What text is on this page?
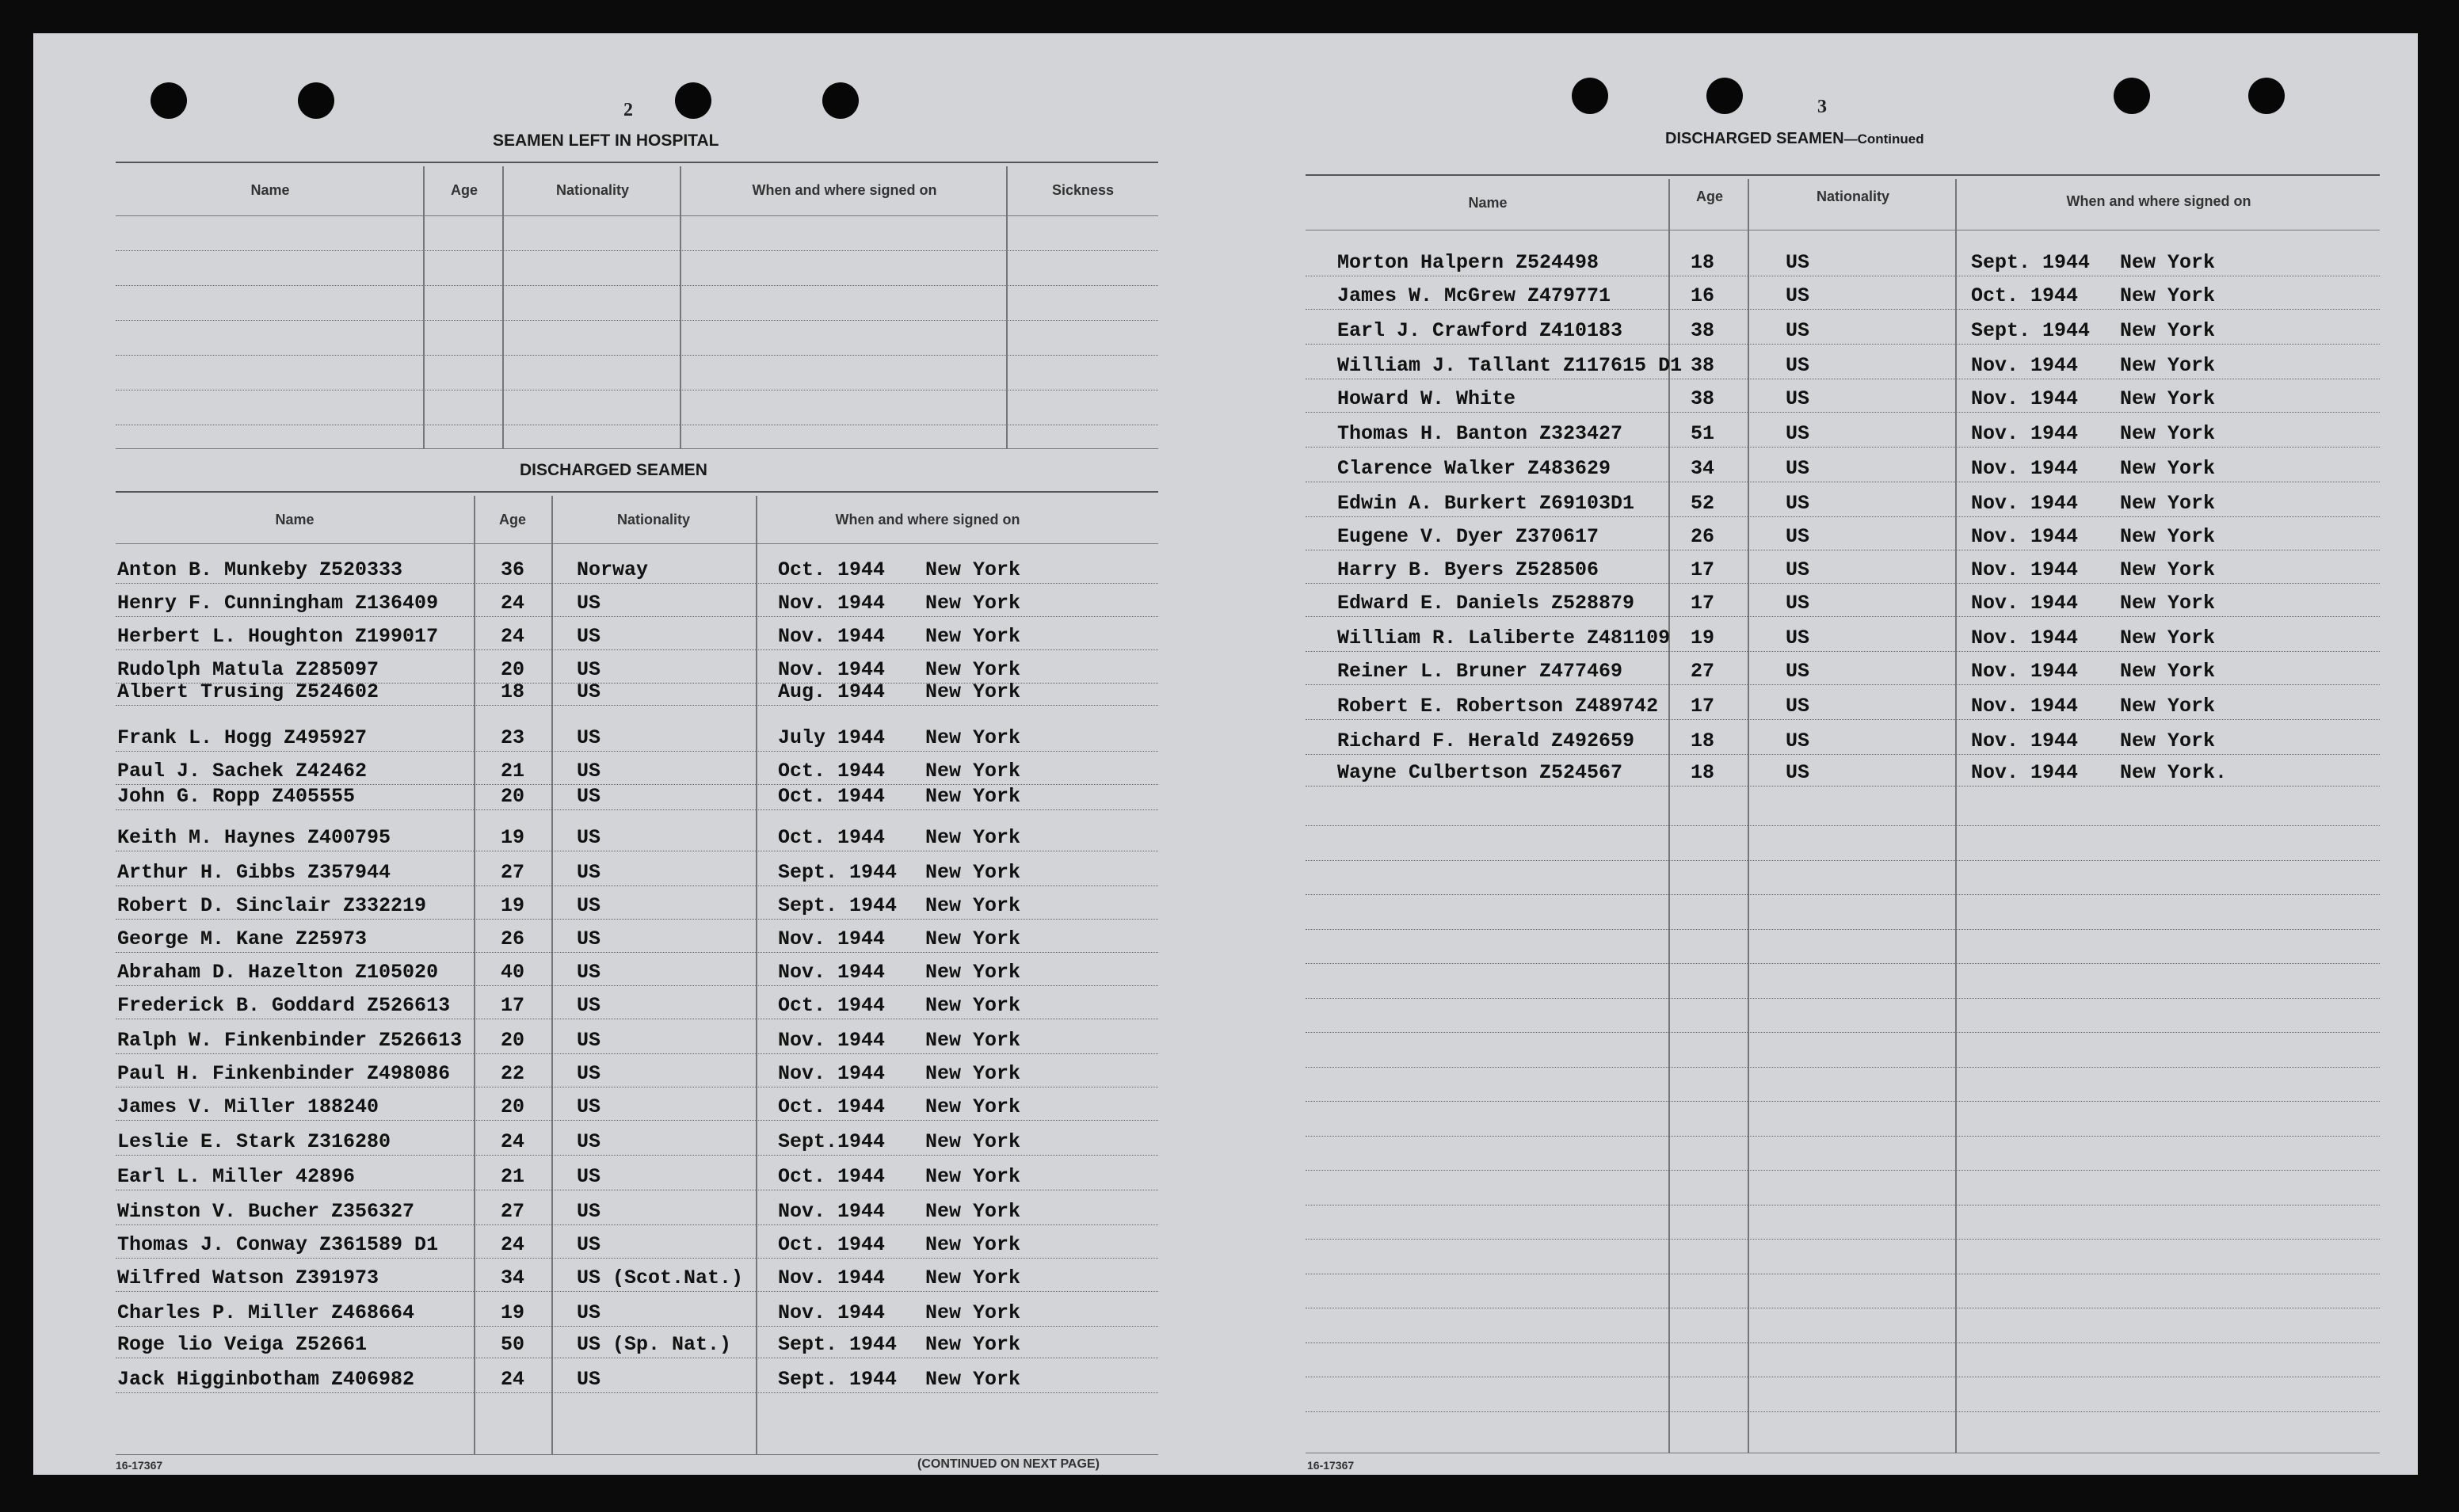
2
SEAMEN LEFT IN HOSPITAL
Name	Age	Nationality	When and where signed on	Sickness
DISCHARGED SEAMEN
Name	Age	Nationality	When and where signed on
Anton B. Munkeby Z520333	36	Norway	Oct. 1944 New York
Henry F. Cunningham Z136409	24	US	Nov. 1944 New York
Herbert L. Houghton Z199017	24	US	Nov. 1944 New York
Rudolph Matula Z285097	20	US	Nov. 1944 New York
Albert Trusing Z524602	18	US	Aug. 1944 New York
Frank L. Hogg Z495927	23	US	July 1944 New York
Paul J. Sachek Z42462	21	US	Oct. 1944 New York
John G. Ropp Z405555	20	US	Oct. 1944 New York
Keith M. Haynes Z400795	19	US	Oct. 1944 New York
Arthur H. Gibbs Z357944	27	US	Sept. 1944 New York
Robert D. Sinclair Z332219	19	US	Sept. 1944 New York
George M. Kane Z25973	26	US	Nov. 1944 New York
Abraham D. Hazelton Z105020	40	US	Nov. 1944 New York
Frederick B. Goddard Z526613	17	US	Oct. 1944 New York
Ralph W. Finkenbinder Z526613 20	US	Nov. 1944 New York
Paul H. Finkenbinder Z498086	22	US	Nov. 1944 New York
James V. Miller 188240	20	US	Oct. 1944 New York
Leslie E. Stark Z316280	24	US	Sept.1944 New York
Earl L. Miller 42896	21	US	Oct. 1944 New York
Winston V. Bucher Z356327	27	US	Nov. 1944 New York
Thomas J. Conway Z361589 D1	24	US	Oct. 1944 New York
Wilfred Watson Z391973	34	US (Scot.Nat.) Nov. 1944 New York
Charles P. Miller Z468664	19	US	Nov. 1944 New York
Roge lio Veiga Z52661	50	US (Sp. Nat.) Sept. 1944 New York
Jack Higginbotham Z406982	24	US	Sept. 1944 New York
16-17367	(CONTINUED ON NEXT PAGE)
3
DISCHARGED SEAMEN—Continued
Name	Age	Nationality	When and where signed on
Morton Halpern Z524498	18	US	Sept. 1944 New York
James W. McGrew Z479771	16	US	Oct. 1944 New York
Earl J. Crawford Z410183	38	US	Sept. 1944 New York
William J. Tallant Z117615 D1 38	US	Nov. 1944 New York
Howard W. White	38	US	Nov. 1944 New York
Thomas H. Banton Z323427	51	US	Nov. 1944 New York
Clarence Walker Z483629	34	US	Nov. 1944 New York
Edwin A. Burkert Z69103D1	52	US	Nov. 1944 New York
Eugene V. Dyer Z370617	26	US	Nov. 1944 New York
Harry B. Byers Z528506	17	US	Nov. 1944 New York
Edward E. Daniels Z528879	17	US	Nov. 1944 New York
William R. Laliberte Z481109 19	US	Nov. 1944 New York
Reiner L. Bruner Z477469	27	US	Nov. 1944 New York
Robert E. Robertson Z489742 17	US	Nov. 1944 New York
Richard F. Herald Z492659	18	US	Nov. 1944 New York
Wayne Culbertson Z524567	18	US	Nov. 1944 New York.
16-17367
